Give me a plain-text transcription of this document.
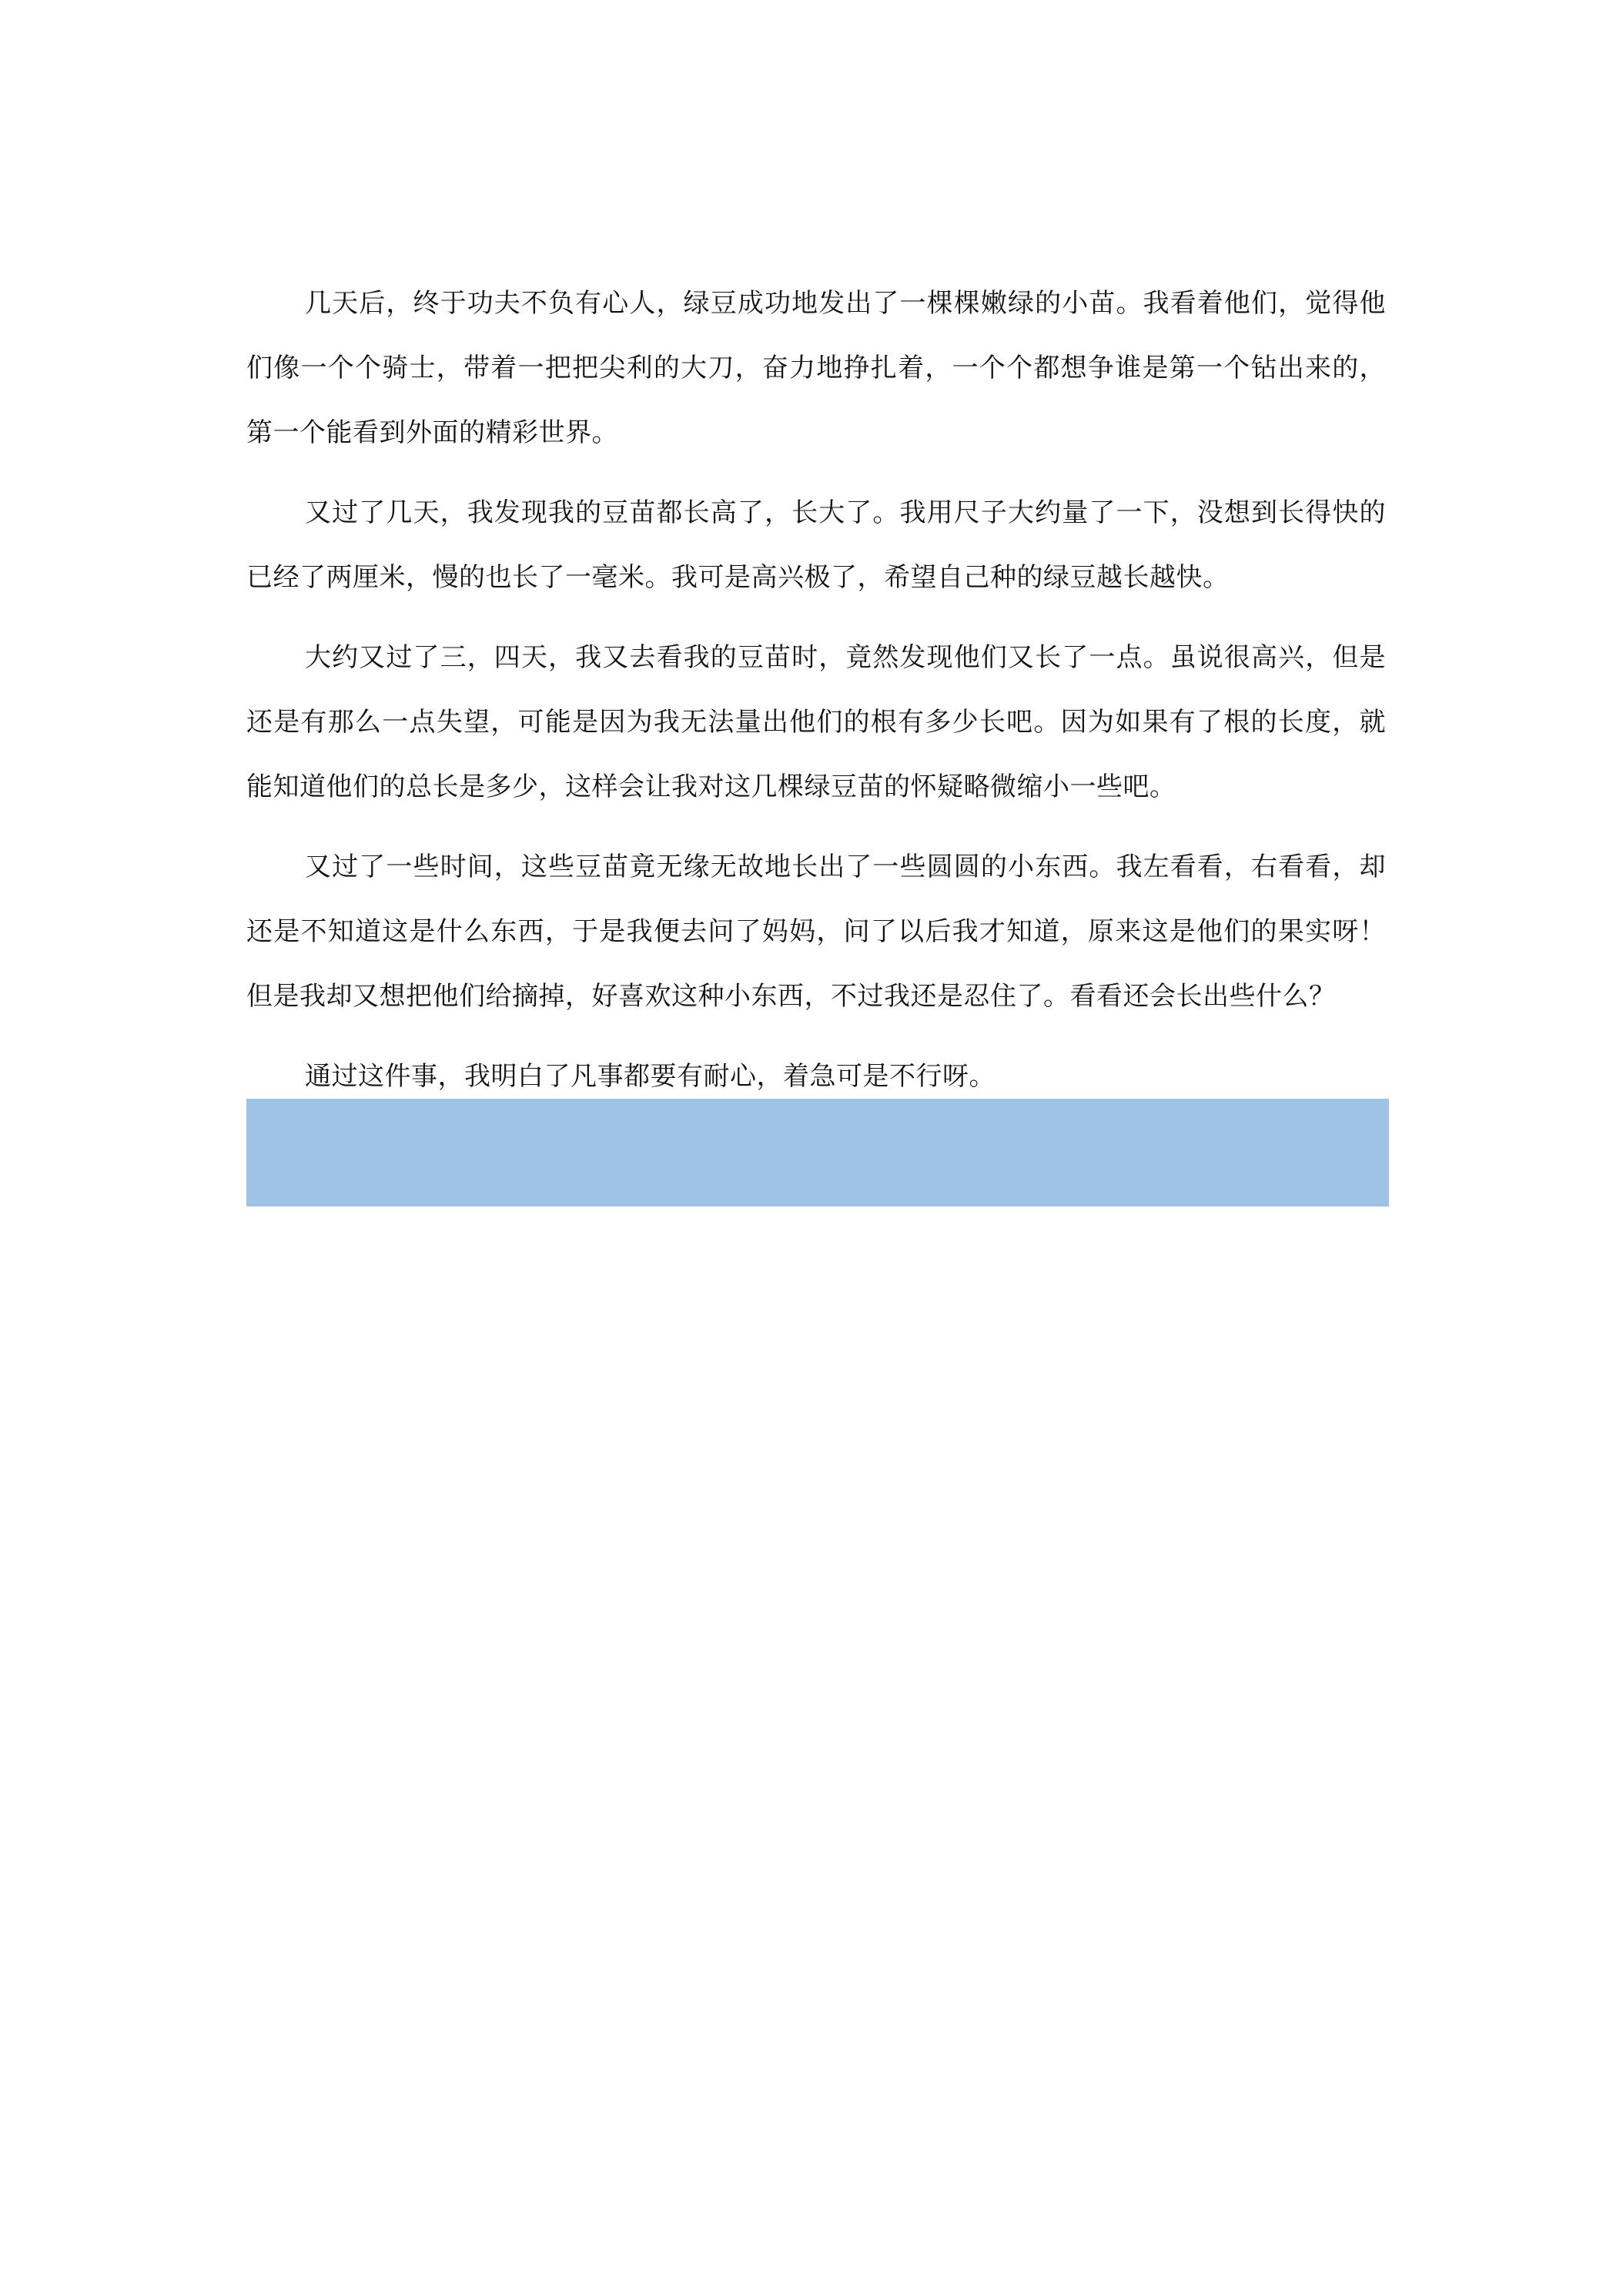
几天后，终于功夫不负有心人，绿豆成功地发出了一棵棵嫩绿的小苗。我看着他们，觉得他们像一个个骑士，带着一把把尖利的大刀，奋力地挣扎着，一个个都想争谁是第一个钻出来的，第一个能看到外面的精彩世界。

又过了几天，我发现我的豆苗都长高了，长大了。我用尺子大约量了一下，没想到长得快的已经了两厘米，慢的也长了一毫米。我可是高兴极了，希望自己种的绿豆越长越快。

大约又过了三，四天，我又去看我的豆苗时，竟然发现他们又长了一点。虽说很高兴，但是还是有那么一点失望，可能是因为我无法量出他们的根有多少长吧。因为如果有了根的长度，就能知道他们的总长是多少，这样会让我对这几棵绿豆苗的怀疑略微缩小一些吧。

又过了一些时间，这些豆苗竟无缘无故地长出了一些圆圆的小东西。我左看看，右看看，却还是不知道这是什么东西，于是我便去问了妈妈，问了以后我才知道，原来这是他们的果实呀！但是我却又想把他们给摘掉，好喜欢这种小东西，不过我还是忍住了。看看还会长出些什么？

通过这件事，我明白了凡事都要有耐心，着急可是不行呀。
